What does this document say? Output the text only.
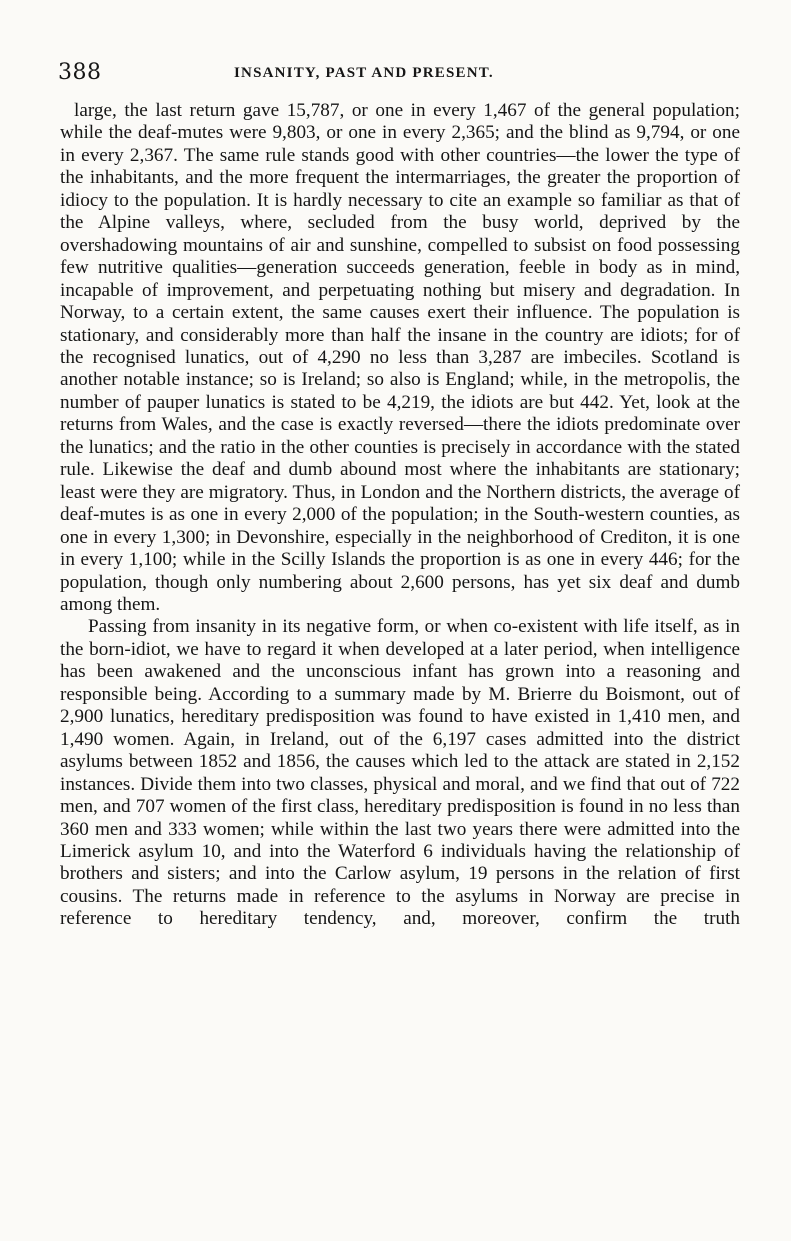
388	INSANITY, PAST AND PRESENT.

large, the last return gave 15,787, or one in every 1,467 of the general population; while the deaf-mutes were 9,803, or one in every 2,365; and the blind as 9,794, or one in every 2,367. The same rule stands good with other countries—the lower the type of the inhabitants, and the more frequent the intermarriages, the greater the proportion of idiocy to the population. It is hardly necessary to cite an example so familiar as that of the Alpine valleys, where, secluded from the busy world, deprived by the overshadowing mountains of air and sunshine, compelled to subsist on food possessing few nutritive qualities—generation succeeds generation, feeble in body as in mind, incapable of improvement, and perpetuating nothing but misery and degradation. In Norway, to a certain extent, the same causes exert their influence. The population is stationary, and considerably more than half the insane in the country are idiots; for of the recognised lunatics, out of 4,290 no less than 3,287 are imbeciles. Scotland is another notable instance; so is Ireland; so also is England; while, in the metropolis, the number of pauper lunatics is stated to be 4,219, the idiots are but 442. Yet, look at the returns from Wales, and the case is exactly reversed—there the idiots predominate over the lunatics; and the ratio in the other counties is precisely in accordance with the stated rule. Likewise the deaf and dumb abound most where the inhabitants are stationary; least were they are migratory. Thus, in London and the Northern districts, the average of deaf-mutes is as one in every 2,000 of the population; in the South-western counties, as one in every 1,300; in Devonshire, especially in the neighborhood of Crediton, it is one in every 1,100; while in the Scilly Islands the proportion is as one in every 446; for the population, though only numbering about 2,600 persons, has yet six deaf and dumb among them.

Passing from insanity in its negative form, or when co-existent with life itself, as in the born-idiot, we have to regard it when developed at a later period, when intelligence has been awakened and the unconscious infant has grown into a reasoning and responsible being. According to a summary made by M. Brierre du Boismont, out of 2,900 lunatics, hereditary predisposition was found to have existed in 1,410 men, and 1,490 women. Again, in Ireland, out of the 6,197 cases admitted into the district asylums between 1852 and 1856, the causes which led to the attack are stated in 2,152 instances. Divide them into two classes, physical and moral, and we find that out of 722 men, and 707 women of the first class, hereditary predisposition is found in no less than 360 men and 333 women; while within the last two years there were admitted into the Limerick asylum 10, and into the Waterford 6 individuals having the relationship of brothers and sisters; and into the Carlow asylum, 19 persons in the relation of first cousins. The returns made in reference to the asylums in Norway are precise in reference to hereditary tendency, and, moreover, confirm the truth
